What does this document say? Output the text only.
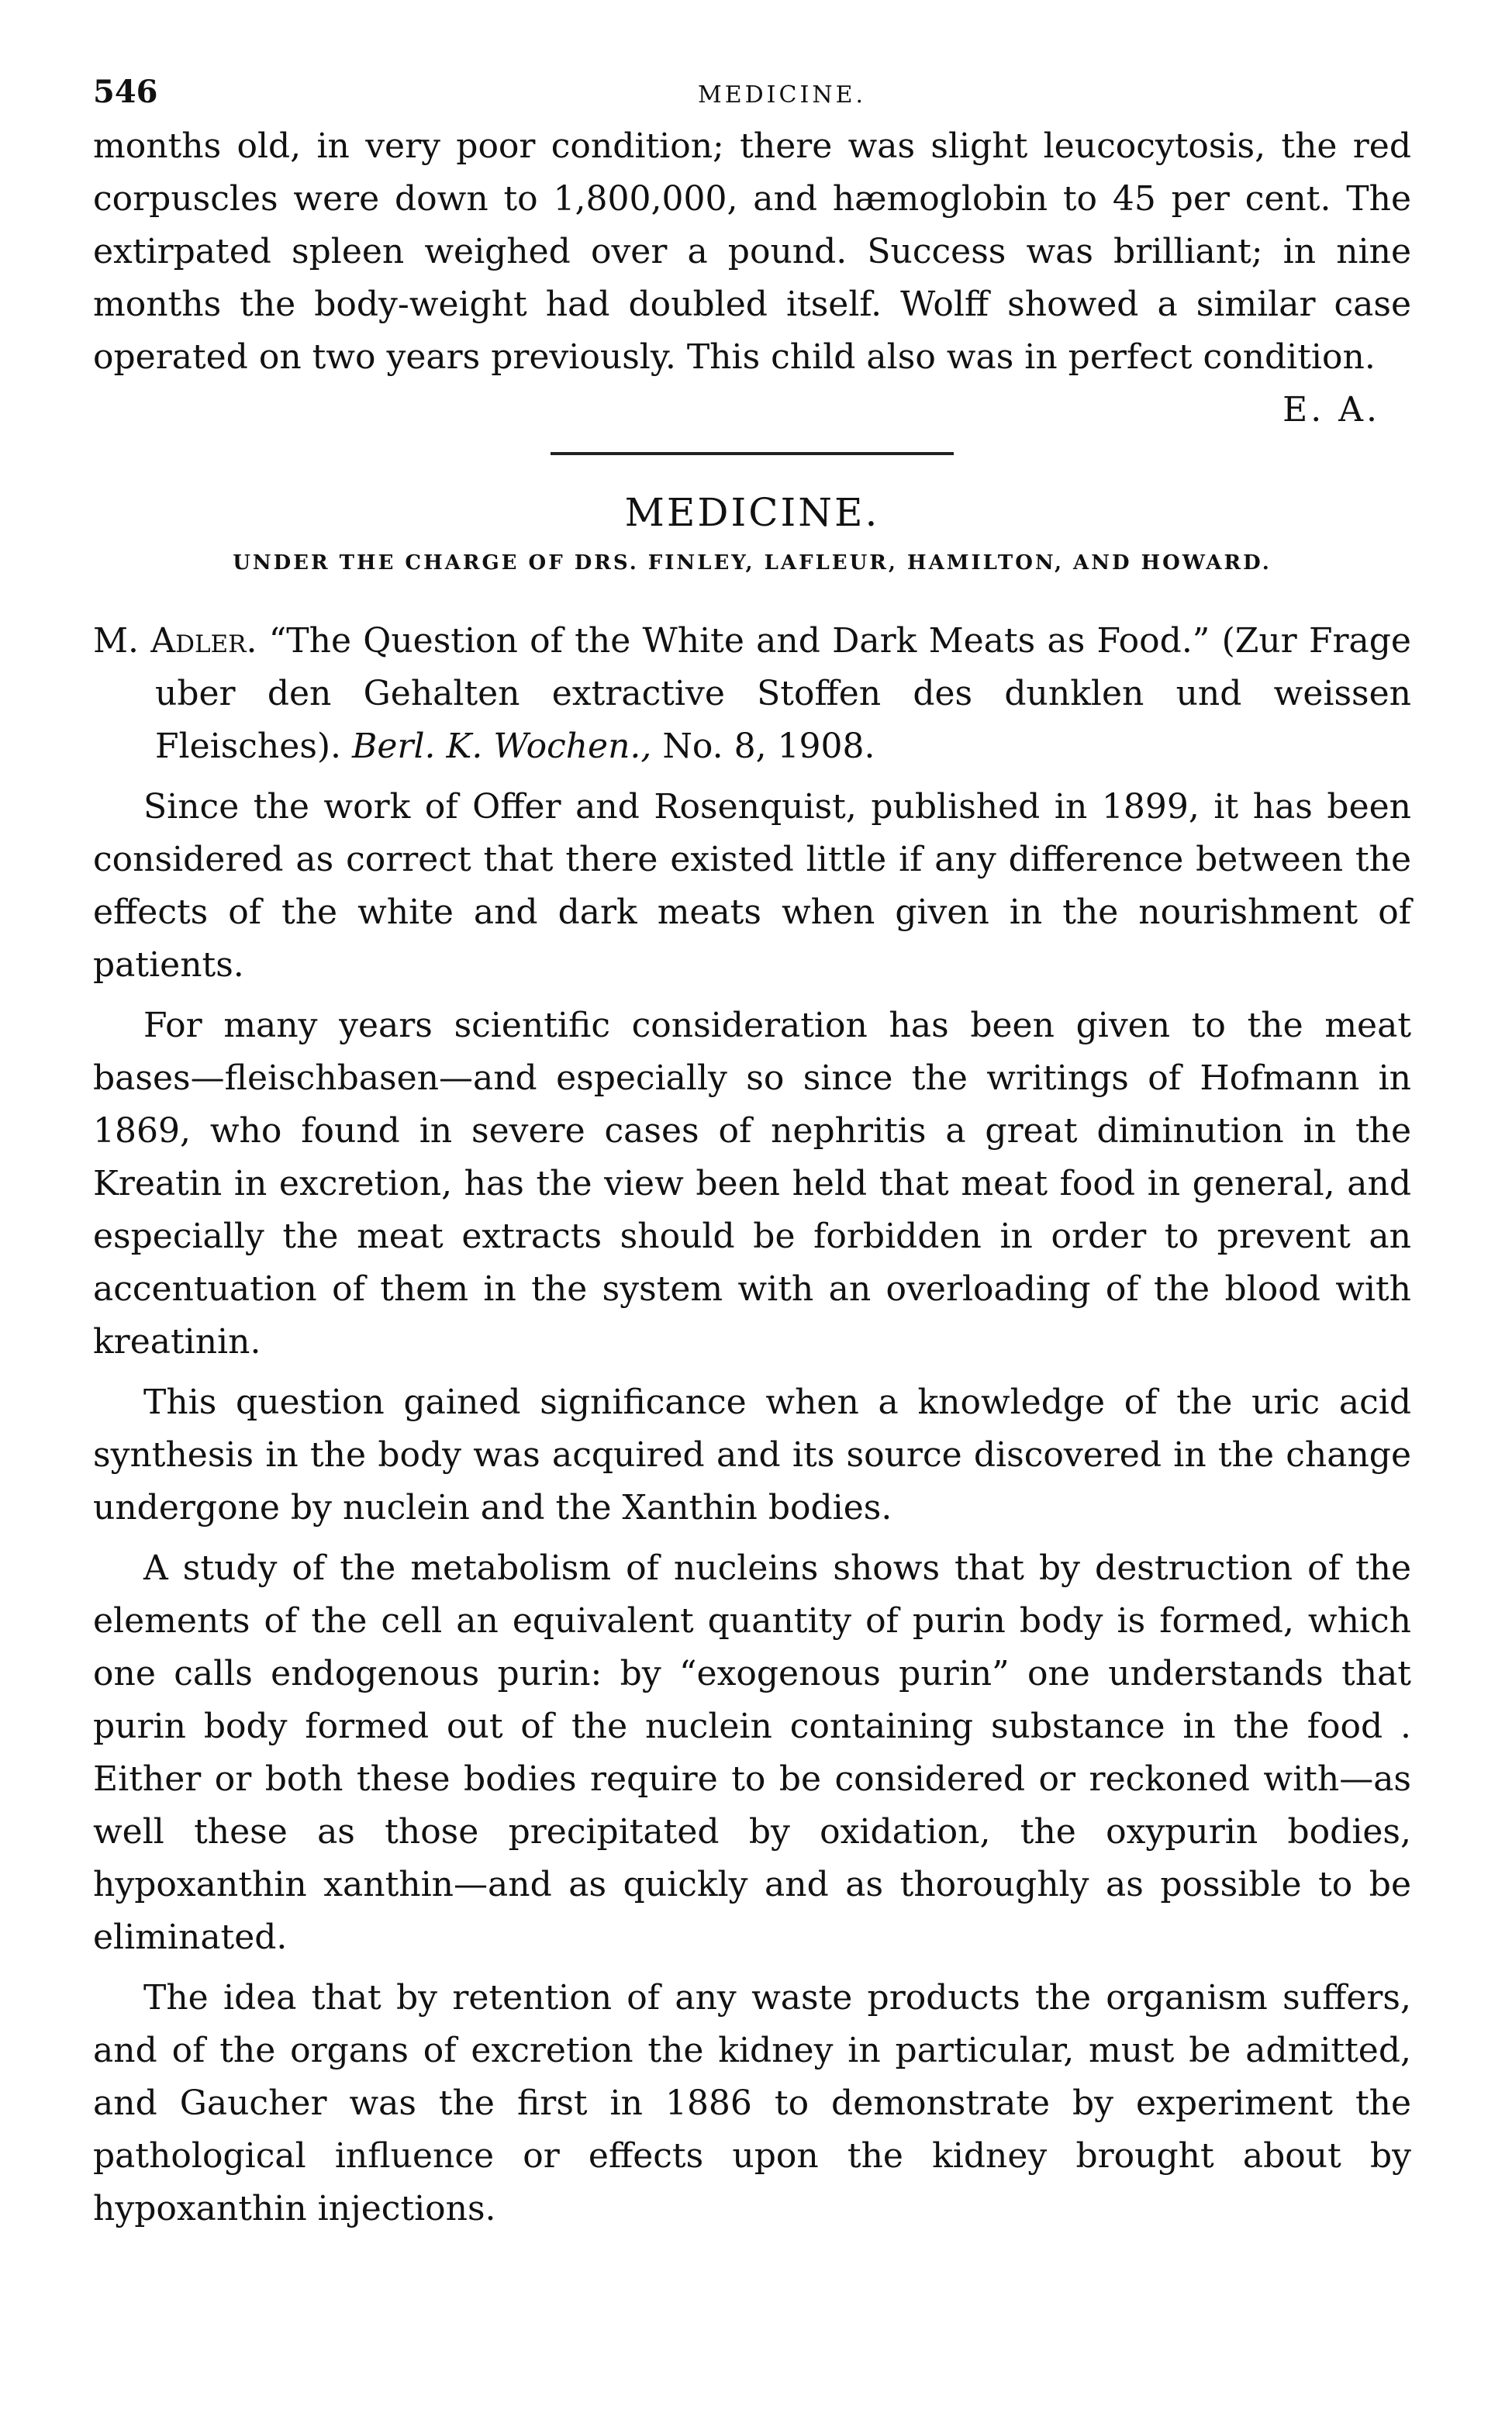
546	MEDICINE.

months old, in very poor condition; there was slight leucocytosis, the red corpuscles were down to 1,800,000, and hæmoglobin to 45 per cent. The extirpated spleen weighed over a pound. Success was brilliant; in nine months the body-weight had doubled itself. Wolff showed a similar case operated on two years previously. This child also was in perfect condition.

E. A.
MEDICINE.
UNDER THE CHARGE OF DRS. FINLEY, LAFLEUR, HAMILTON, AND HOWARD.

M. Adler. “The Question of the White and Dark Meats as Food.” (Zur Frage uber den Gehalten extractive Stoffen des dunklen und weissen Fleisches). Berl. K. Wochen., No. 8, 1908.

Since the work of Offer and Rosenquist, published in 1899, it has been considered as correct that there existed little if any difference between the effects of the white and dark meats when given in the nourishment of patients.

For many years scientific consideration has been given to the meat bases—fleischbasen—and especially so since the writings of Hofmann in 1869, who found in severe cases of nephritis a great diminution in the Kreatin in excretion, has the view been held that meat food in general, and especially the meat extracts should be forbidden in order to prevent an accentuation of them in the system with an overloading of the blood with kreatinin.

This question gained significance when a knowledge of the uric acid synthesis in the body was acquired and its source discovered in the change undergone by nuclein and the Xanthin bodies.

A study of the metabolism of nucleins shows that by destruction of the elements of the cell an equivalent quantity of purin body is formed, which one calls endogenous purin: by “exogenous purin” one understands that purin body formed out of the nuclein containing substance in the food . Either or both these bodies require to be considered or reckoned with—as well these as those precipitated by oxidation, the oxypurin bodies, hypoxanthin xanthin—and as quickly and as thoroughly as possible to be eliminated.

The idea that by retention of any waste products the organism suffers, and of the organs of excretion the kidney in particular, must be admitted, and Gaucher was the first in 1886 to demonstrate by experiment the pathological influence or effects upon the kidney brought about by hypoxanthin injections.
